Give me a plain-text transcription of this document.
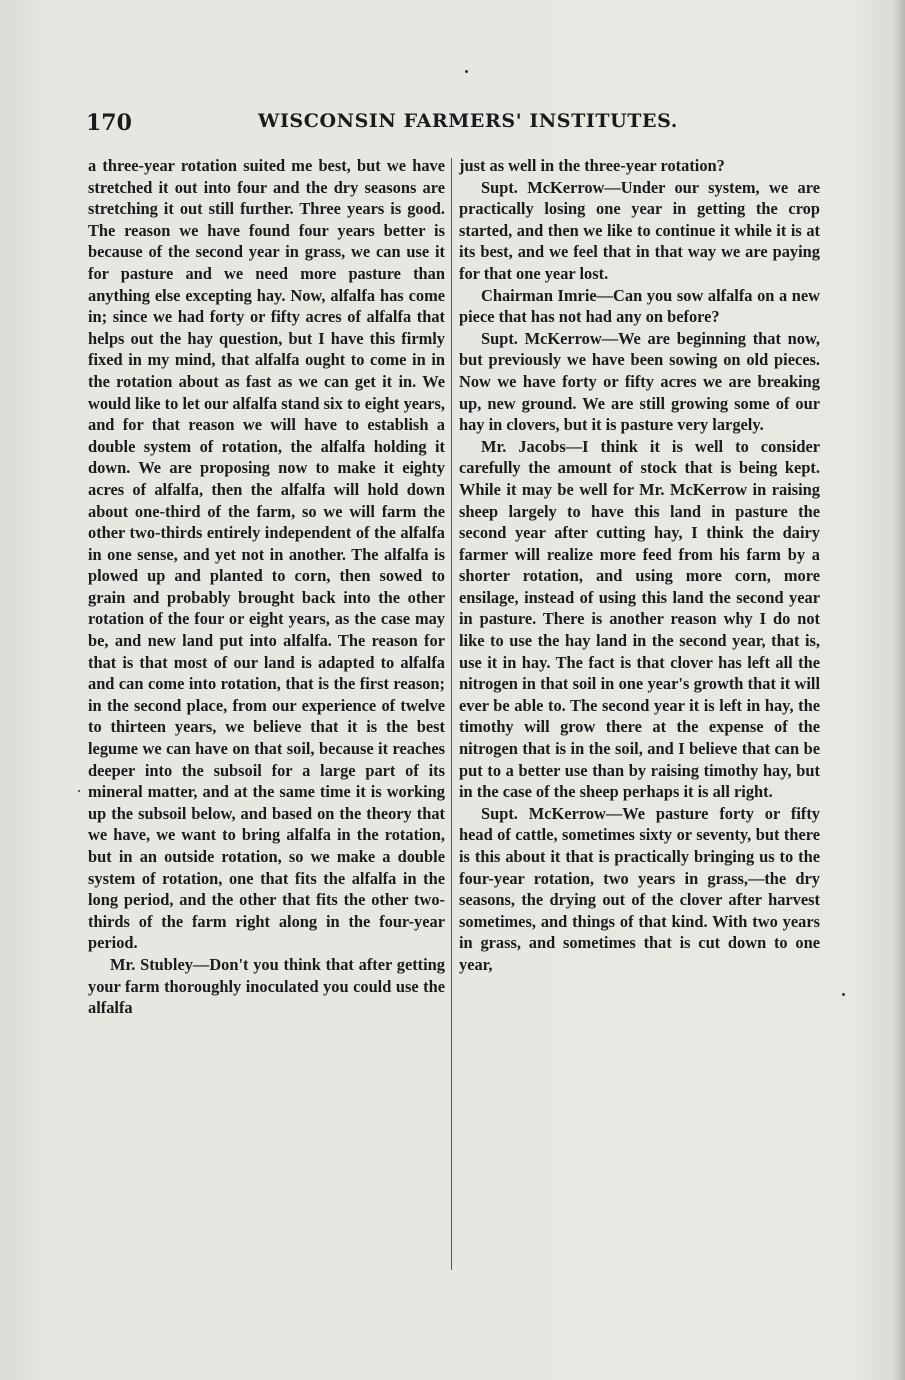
170	WISCONSIN FARMERS' INSTITUTES.

a three-year rotation suited me best, but we have stretched it out into four and the dry seasons are stretching it out still further. Three years is good. The reason we have found four years better is because of the second year in grass, we can use it for pasture and we need more pasture than anything else excepting hay. Now, alfalfa has come in; since we had forty or fifty acres of alfalfa that helps out the hay question, but I have this firmly fixed in my mind, that alfalfa ought to come in in the rotation about as fast as we can get it in. We would like to let our alfalfa stand six to eight years, and for that reason we will have to establish a double system of rotation, the alfalfa holding it down. We are proposing now to make it eighty acres of alfalfa, then the alfalfa will hold down about one-third of the farm, so we will farm the other two-thirds entirely independent of the alfalfa in one sense, and yet not in another. The alfalfa is plowed up and planted to corn, then sowed to grain and probably brought back into the other rotation of the four or eight years, as the case may be, and new land put into alfalfa. The reason for that is that most of our land is adapted to alfalfa and can come into rotation, that is the first reason; in the second place, from our experience of twelve to thirteen years, we believe that it is the best legume we can have on that soil, because it reaches deeper into the subsoil for a large part of its mineral matter, and at the same time it is working up the subsoil below, and based on the theory that we have, we want to bring alfalfa in the rotation, but in an outside rotation, so we make a double system of rotation, one that fits the alfalfa in the long period, and the other that fits the other two-thirds of the farm right along in the four-year period.

Mr. Stubley—Don't you think that after getting your farm thoroughly inoculated you could use the alfalfa

just as well in the three-year rotation?

Supt. McKerrow—Under our system, we are practically losing one year in getting the crop started, and then we like to continue it while it is at its best, and we feel that in that way we are paying for that one year lost.

Chairman Imrie—Can you sow alfalfa on a new piece that has not had any on before?

Supt. McKerrow—We are beginning that now, but previously we have been sowing on old pieces. Now we have forty or fifty acres we are breaking up, new ground. We are still growing some of our hay in clovers, but it is pasture very largely.

Mr. Jacobs—I think it is well to consider carefully the amount of stock that is being kept. While it may be well for Mr. McKerrow in raising sheep largely to have this land in pasture the second year after cutting hay, I think the dairy farmer will realize more feed from his farm by a shorter rotation, and using more corn, more ensilage, instead of using this land the second year in pasture. There is another reason why I do not like to use the hay land in the second year, that is, use it in hay. The fact is that clover has left all the nitrogen in that soil in one year's growth that it will ever be able to. The second year it is left in hay, the timothy will grow there at the expense of the nitrogen that is in the soil, and I believe that can be put to a better use than by raising timothy hay, but in the case of the sheep perhaps it is all right.

Supt. McKerrow—We pasture forty or fifty head of cattle, sometimes sixty or seventy, but there is this about it that is practically bringing us to the four-year rotation, two years in grass,—the dry seasons, the drying out of the clover after harvest sometimes, and things of that kind. With two years in grass, and sometimes that is cut down to one year,
